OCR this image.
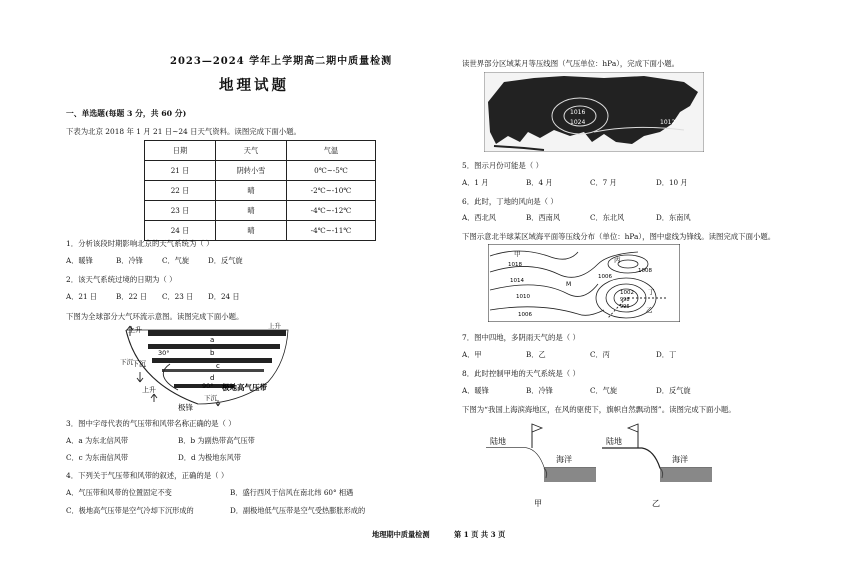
2023—2024 学年上学期高二期中质量检测
地理试题
一、单选题(每题 3 分，共 60 分)
下表为北京 2018 年 1 月 21 日~24 日天气资料。读图完成下面小题。
日期	天气	气温
21 日	阴转小雪	0℃~-5℃
22 日	晴	-2℃~-10℃
23 日	晴	-4℃~-12℃
24 日	晴	-4℃~-11℃
1．分析该段时期影响北京的天气系统为（ ）
A．暖锋	B．冷锋	C．气旋	D．反气旋
2．该天气系统过境的日期为（ ）
A．21 日	B．22 日 C．23 日 D．24 日
下图为全球部分大气环流示意图。读图完成下面小题。
上升	上升
下沉
30°
a
b
c
d
下沉
上升	90° 极地高气压带
下沉
极锋
3．图中字母代表的气压带和风带名称正确的是（ ）
A．a 为东北信风带	B．b 为副热带高气压带
C．c 为东南信风带	D．d 为极地东风带
4．下列关于气压带和风带的叙述，正确的是（ ）
A．气压带和风带的位置固定不变	B．盛行西风于信风在南北纬 60° 相遇
C．极地高气压带是空气冷却下沉形成的	D．副极地低气压带是空气受热膨胀形成的
读世界部分区域某月等压线图（气压单位：hPa），完成下面小题。
1016
1024	1012
5．图示月份可能是（ ）
A．1 月	B．4 月	C．7 月	D．10 月
6．此时，丁地的风向是（ ）
A．西北风	B．西南风	C．东北风	D．东南风
下图示意北半球某区域海平面等压线分布（单位：hPa），图中虚线为锋线。读图完成下面小题。
甲
1018
1014
1010
1006
M
1006
1008
1002
998
996
丙
丁
乙
7．图中四地，多阴雨天气的是（ ）
A．甲	B．乙	C．丙	D．丁
8．此时控制甲地的天气系统是（ ）
A．暖锋	B．冷锋	C．气旋	D．反气旋
下图为“我国上海滨海地区，在风的驱使下，旗帜自然飘动图”。读图完成下面小题。
陆地
海洋
甲
陆地
海洋
乙
地理期中质量检测	第 1 页 共 3 页
